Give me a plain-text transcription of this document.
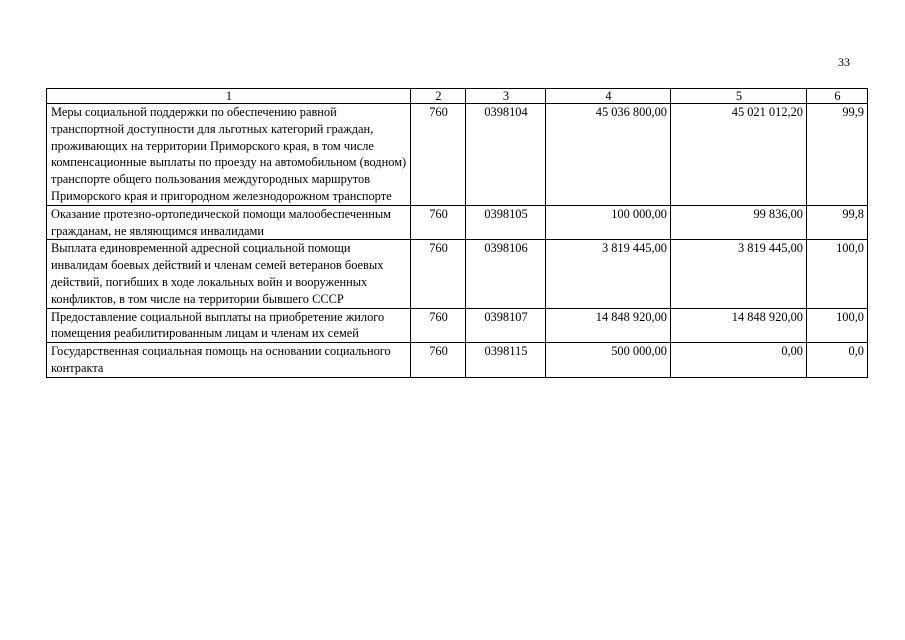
33
1	2	3	4	5	6
Меры социальной поддержки по обеспечению равной транспортной доступности для льготных категорий граждан, проживающих на территории Приморского края, в том числе компенсационные выплаты по проезду на автомобильном (водном) транспорте общего пользования междугородных маршрутов Приморского края и пригородном железнодорожном транспорте	760	0398104	45 036 800,00	45 021 012,20	99,9
Оказание протезно-ортопедической помощи малообеспеченным гражданам, не являющимся инвалидами	760	0398105	100 000,00	99 836,00	99,8
Выплата единовременной адресной социальной помощи инвалидам боевых действий и членам семей ветеранов боевых действий, погибших в ходе локальных войн и вооруженных конфликтов, в том числе на территории бывшего СССР	760	0398106	3 819 445,00	3 819 445,00	100,0
Предоставление социальной выплаты на приобретение жилого помещения реабилитированным лицам и членам их семей	760	0398107	14 848 920,00	14 848 920,00	100,0
Государственная социальная помощь на основании социального контракта	760	0398115	500 000,00	0,00	0,0
